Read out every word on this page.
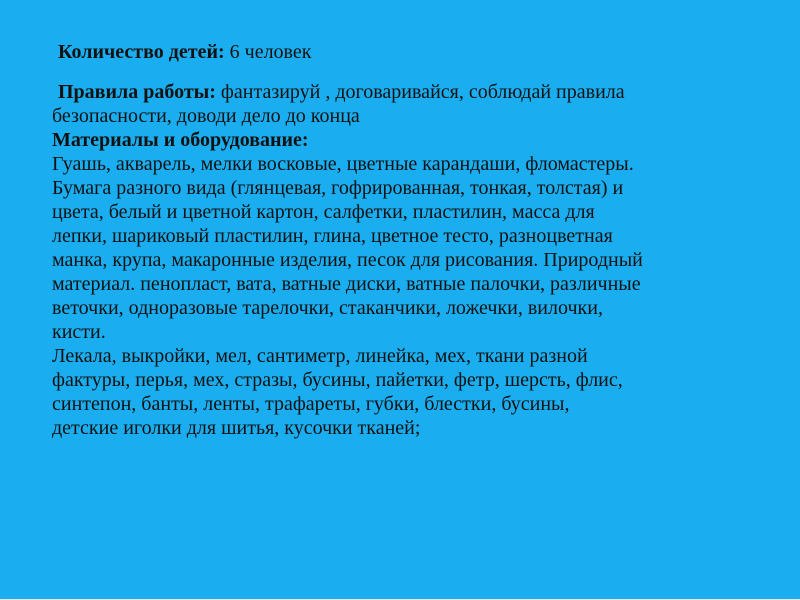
Количество детей: 6 человек
Правила работы: фантазируй , договаривайся, соблюдай правила
безопасности, доводи дело до конца
Материалы и оборудование:
Гуашь, акварель, мелки восковые, цветные карандаши, фломастеры.
Бумага разного вида (глянцевая, гофрированная, тонкая, толстая) и
цвета, белый и цветной картон, салфетки, пластилин, масса для
лепки, шариковый пластилин, глина, цветное тесто, разноцветная
манка, крупа, макаронные изделия, песок для рисования. Природный
материал. пенопласт, вата, ватные диски, ватные палочки, различные
веточки, одноразовые тарелочки, стаканчики, ложечки, вилочки,
кисти.
Лекала, выкройки, мел, сантиметр, линейка, мех, ткани разной
фактуры, перья, мех, стразы, бусины, пайетки, фетр, шерсть, флис,
синтепон, банты, ленты, трафареты, губки, блестки, бусины,
детские иголки для шитья, кусочки тканей;
